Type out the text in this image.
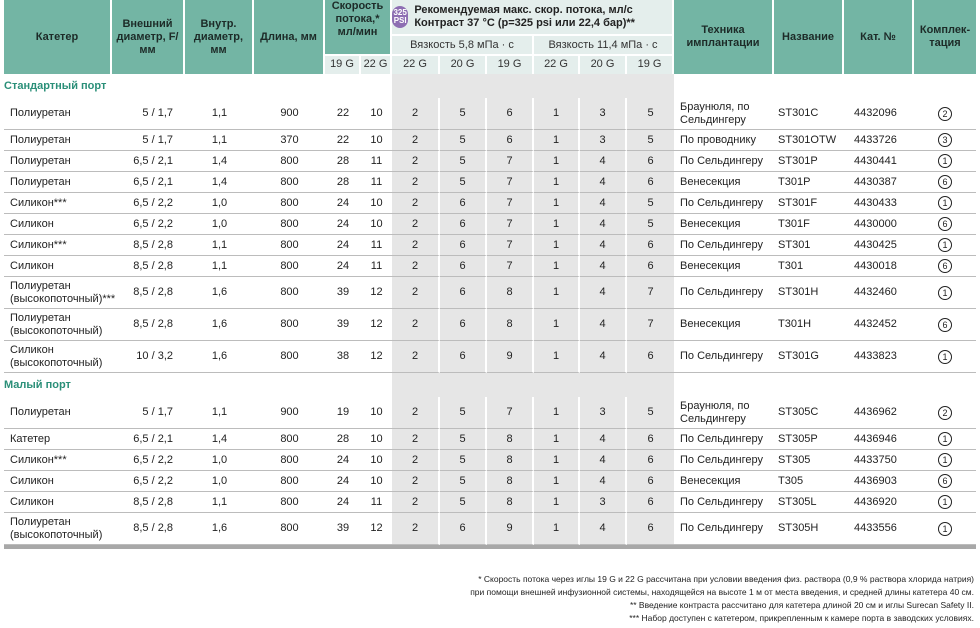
Катетер	Внешний диаметр, F/мм	Внутр. диаметр, мм	Длина, мм	Скорость потока,* мл/мин		325
PSI
Рекомендуемая макс. скор. потока, мл/с Контраст 37 °C (p=325 psi или 22,4 бар)**						Техника имплантации	Название	Кат. №	Комплек-тация
						Вязкость 5,8 мПа · с			Вязкость 11,4 мПа · с						
				19 G	22 G	22 G	20 G	19 G	22 G	20 G	19 G				
Стандартный порт															
Полиуретан	5 / 1,7	1,1	900	22	10	2	5	6	1	3	5	Браунюля, по Сельдингеру	ST301C	4432096	2
Полиуретан	5 / 1,7	1,1	370	22	10	2	5	6	1	3	5	По проводнику	ST301OTW	4433726	3
Полиуретан	6,5 / 2,1	1,4	800	28	11	2	5	7	1	4	6	По Сельдингеру	ST301P	4430441	1
Полиуретан	6,5 / 2,1	1,4	800	28	11	2	5	7	1	4	6	Венесекция	T301P	4430387	6
Силикон***	6,5 / 2,2	1,0	800	24	10	2	6	7	1	4	5	По Сельдингеру	ST301F	4430433	1
Силикон	6,5 / 2,2	1,0	800	24	10	2	6	7	1	4	5	Венесекция	T301F	4430000	6
Силикон***	8,5 / 2,8	1,1	800	24	11	2	6	7	1	4	6	По Сельдингеру	ST301	4430425	1
Силикон	8,5 / 2,8	1,1	800	24	11	2	6	7	1	4	6	Венесекция	T301	4430018	6
Полиуретан (высокопоточный)***	8,5 / 2,8	1,6	800	39	12	2	6	8	1	4	7	По Сельдингеру	ST301H	4432460	1
Полиуретан (высокопоточный)	8,5 / 2,8	1,6	800	39	12	2	6	8	1	4	7	Венесекция	T301H	4432452	6
Силикон (высокопоточный)	10 / 3,2	1,6	800	38	12	2	6	9	1	4	6	По Сельдингеру	ST301G	4433823	1
Малый порт															
Полиуретан	5 / 1,7	1,1	900	19	10	2	5	7	1	3	5	Браунюля, по Сельдингеру	ST305C	4436962	2
Катетер	6,5 / 2,1	1,4	800	28	10	2	5	8	1	4	6	По Сельдингеру	ST305P	4436946	1
Силикон***	6,5 / 2,2	1,0	800	24	10	2	5	8	1	4	6	По Сельдингеру	ST305	4433750	1
Силикон	6,5 / 2,2	1,0	800	24	10	2	5	8	1	4	6	Венесекция	T305	4436903	6
Силикон	8,5 / 2,8	1,1	800	24	11	2	5	8	1	3	6	По Сельдингеру	ST305L	4436920	1
Полиуретан (высокопоточный)	8,5 / 2,8	1,6	800	39	12	2	6	9	1	4	6	По Сельдингеру	ST305H	4433556	1

* Скорость потока через иглы 19 G и 22 G рассчитана при условии введения физ. раствора (0,9 % раствора хлорида натрия)
при помощи внешней инфузионной системы, находящейся на высоте 1 м от места введения, и средней длины катетера 40 см.
** Введение контраста рассчитано для катетера длиной 20 см и иглы Surecan Safety II.
*** Набор доступен с катетером, прикрепленным к камере порта в заводских условиях.
